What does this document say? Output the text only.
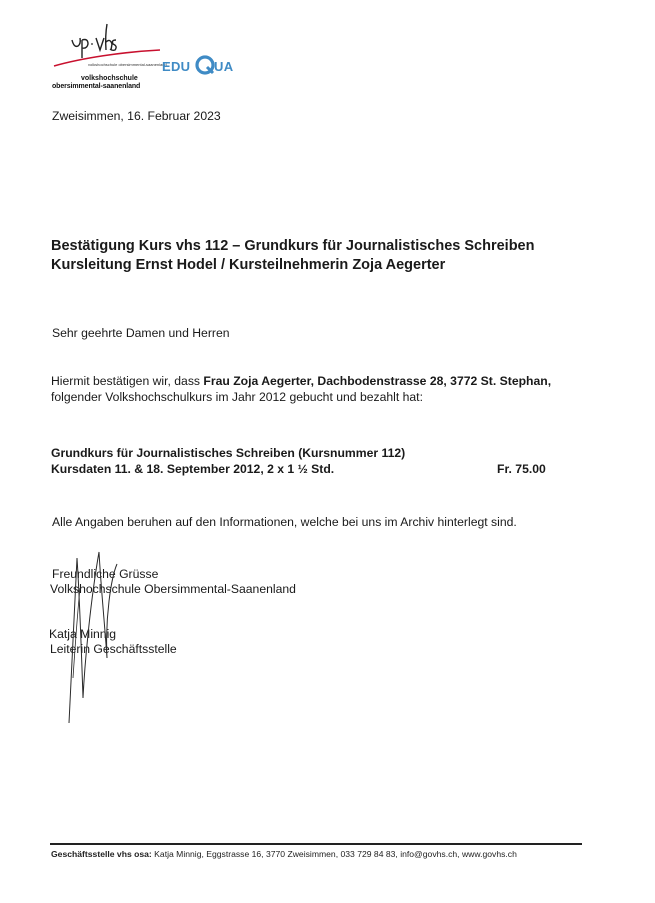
volkshochschule obersimmental-saanenland
volkshochschule
obersimmental-saanenland
EDU UA
Zweisimmen, 16. Februar 2023
Bestätigung Kurs vhs 112 – Grundkurs für Journalistisches Schreiben
Kursleitung Ernst Hodel / Kursteilnehmerin Zoja Aegerter
Sehr geehrte Damen und Herren
Hiermit bestätigen wir, dass Frau Zoja Aegerter, Dachbodenstrasse 28, 3772 St. Stephan,
folgender Volkshochschulkurs im Jahr 2012 gebucht und bezahlt hat:
Grundkurs für Journalistisches Schreiben (Kursnummer 112)
Kursdaten 11. & 18. September 2012, 2 x 1 ½ Std.	Fr. 75.00
Alle Angaben beruhen auf den Informationen, welche bei uns im Archiv hinterlegt sind.
Freundliche Grüsse
Volkshochschule Obersimmental-Saanenland
Katja Minnig
Leiterin Geschäftsstelle
Geschäftsstelle vhs osa: Katja Minnig, Eggstrasse 16, 3770 Zweisimmen, 033 729 84 83, info@govhs.ch, www.govhs.ch
